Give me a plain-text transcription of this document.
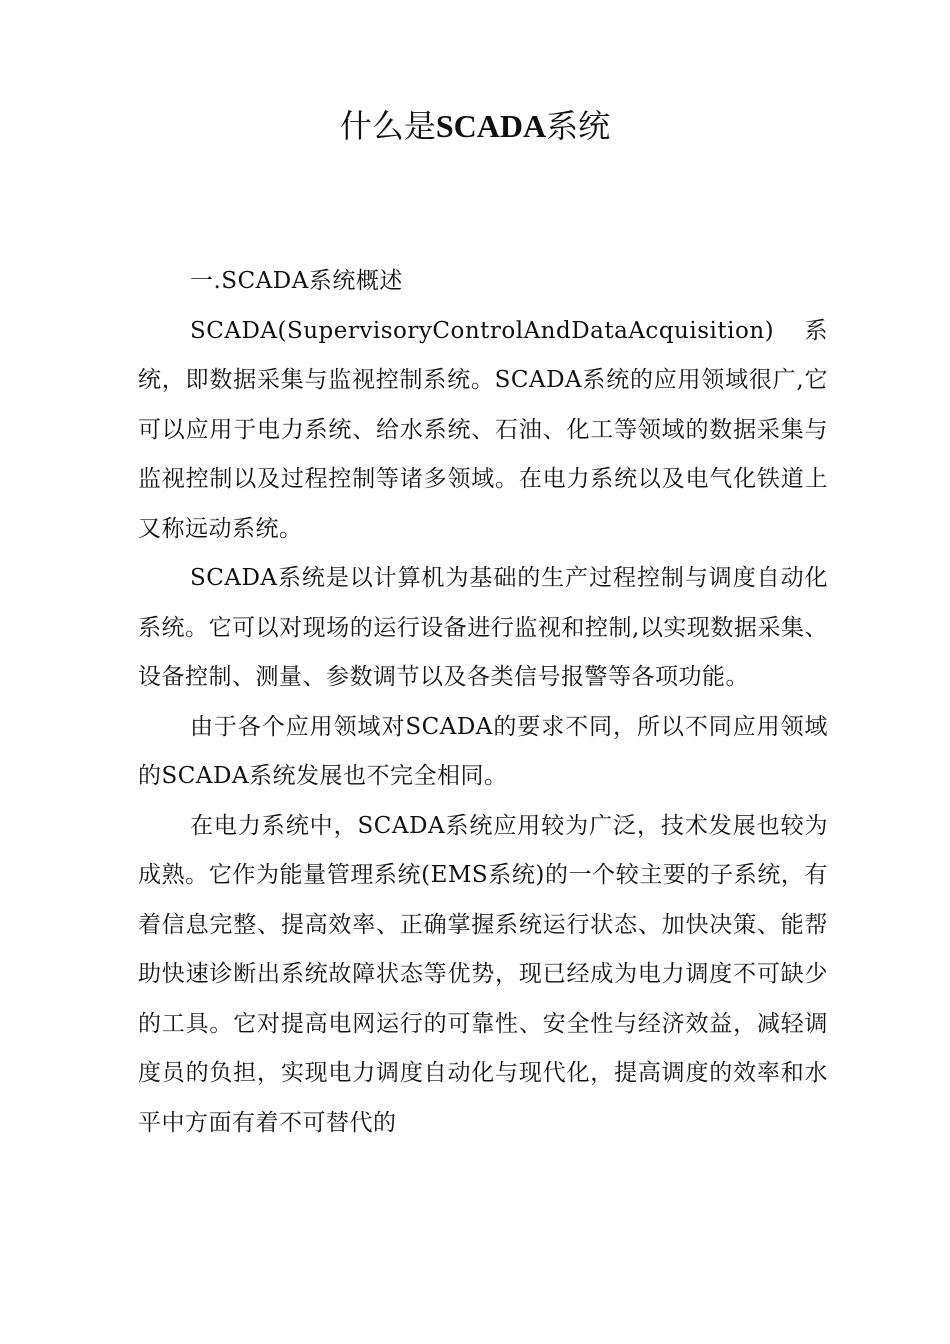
什么是SCADA系统

一.SCADA系统概述

SCADA(SupervisoryControlAndDataAcquisition)系统，即数据采集与监视控制系统。SCADA系统的应用领域很广,它可以应用于电力系统、给水系统、石油、化工等领域的数据采集与监视控制以及过程控制等诸多领域。在电力系统以及电气化铁道上又称远动系统。

SCADA系统是以计算机为基础的生产过程控制与调度自动化系统。它可以对现场的运行设备进行监视和控制,以实现数据采集、设备控制、测量、参数调节以及各类信号报警等各项功能。

由于各个应用领域对SCADA的要求不同，所以不同应用领域的SCADA系统发展也不完全相同。

在电力系统中，SCADA系统应用较为广泛，技术发展也较为成熟。它作为能量管理系统(EMS系统)的一个较主要的子系统，有着信息完整、提高效率、正确掌握系统运行状态、加快决策、能帮助快速诊断出系统故障状态等优势，现已经成为电力调度不可缺少的工具。它对提高电网运行的可靠性、安全性与经济效益，减轻调度员的负担，实现电力调度自动化与现代化，提高调度的效率和水平中方面有着不可替代的
